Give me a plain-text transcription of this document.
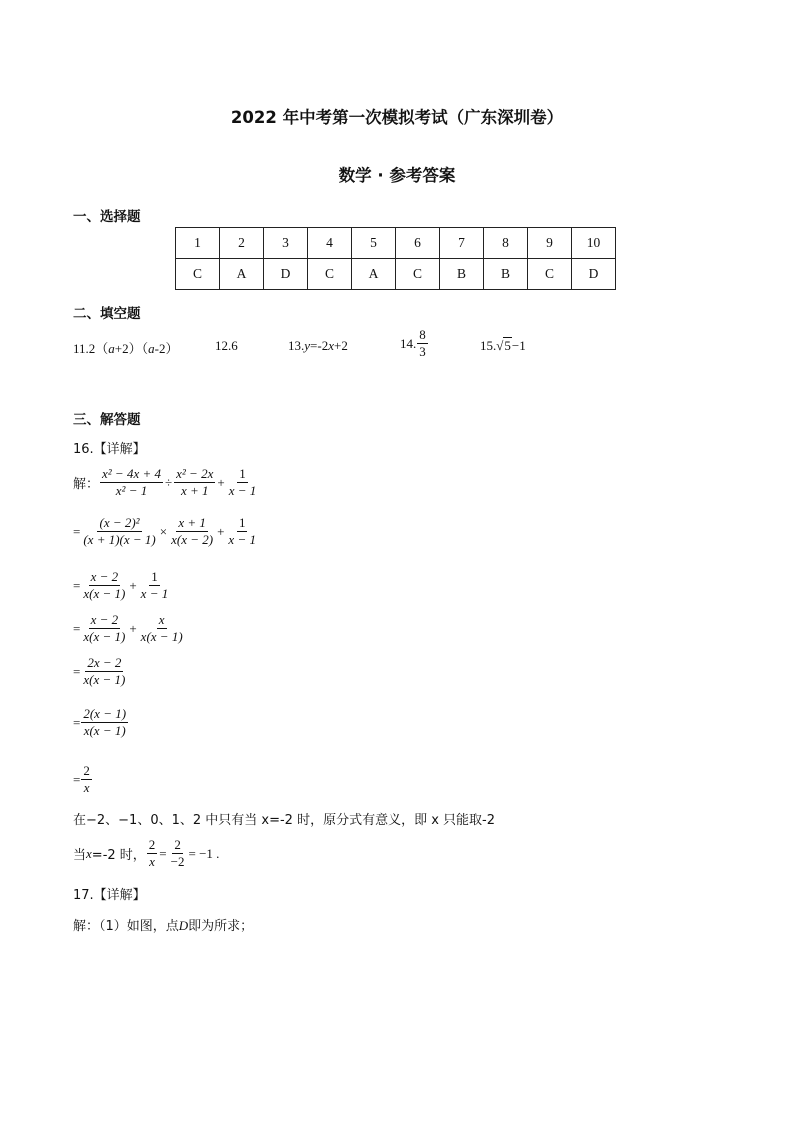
2022 年中考第一次模拟考试（广东深圳卷）
数学 · 参考答案
一、选择题
1	2	3	4	5	6	7	8	9	10
C	A	D	C	A	C	B	B	C	D
二、填空题
11.2（a+2）（a-2）	12.6	13.y=-2x+2	14. $\frac{8}{3}$	15.√5−1
三、解答题
16.【详解】
解： $\frac{\text{x² − 4x + 4}}{\text{x² − 1}} \div \frac{\text{x² − 2x}}{x + 1} + \frac{1}{x - 1}$
= $\frac{\text{(x − 2)²}}{(x + 1)(x - 1)} \times \frac{x + 1}{x(x - 2)} + \frac{1}{x - 1}$
= $\frac{x - 2}{x(x - 1)} + \frac{1}{x - 1}$
= $\frac{x - 2}{x(x - 1)} + \frac{x}{x(x - 1)}$
= $\frac{2x - 2}{x(x - 1)}$
= $\frac{2(x - 1)}{x(x - 1)}$
= $\frac{2}{x}$
在−2、−1、0、1、2 中只有当 x=-2 时，原分式有意义，即 x 只能取-2
当 x =-2 时， $\frac{2}{x} = \frac{2}{-2} = -1$ .
17.【详解】
解：（1）如图，点D即为所求；
